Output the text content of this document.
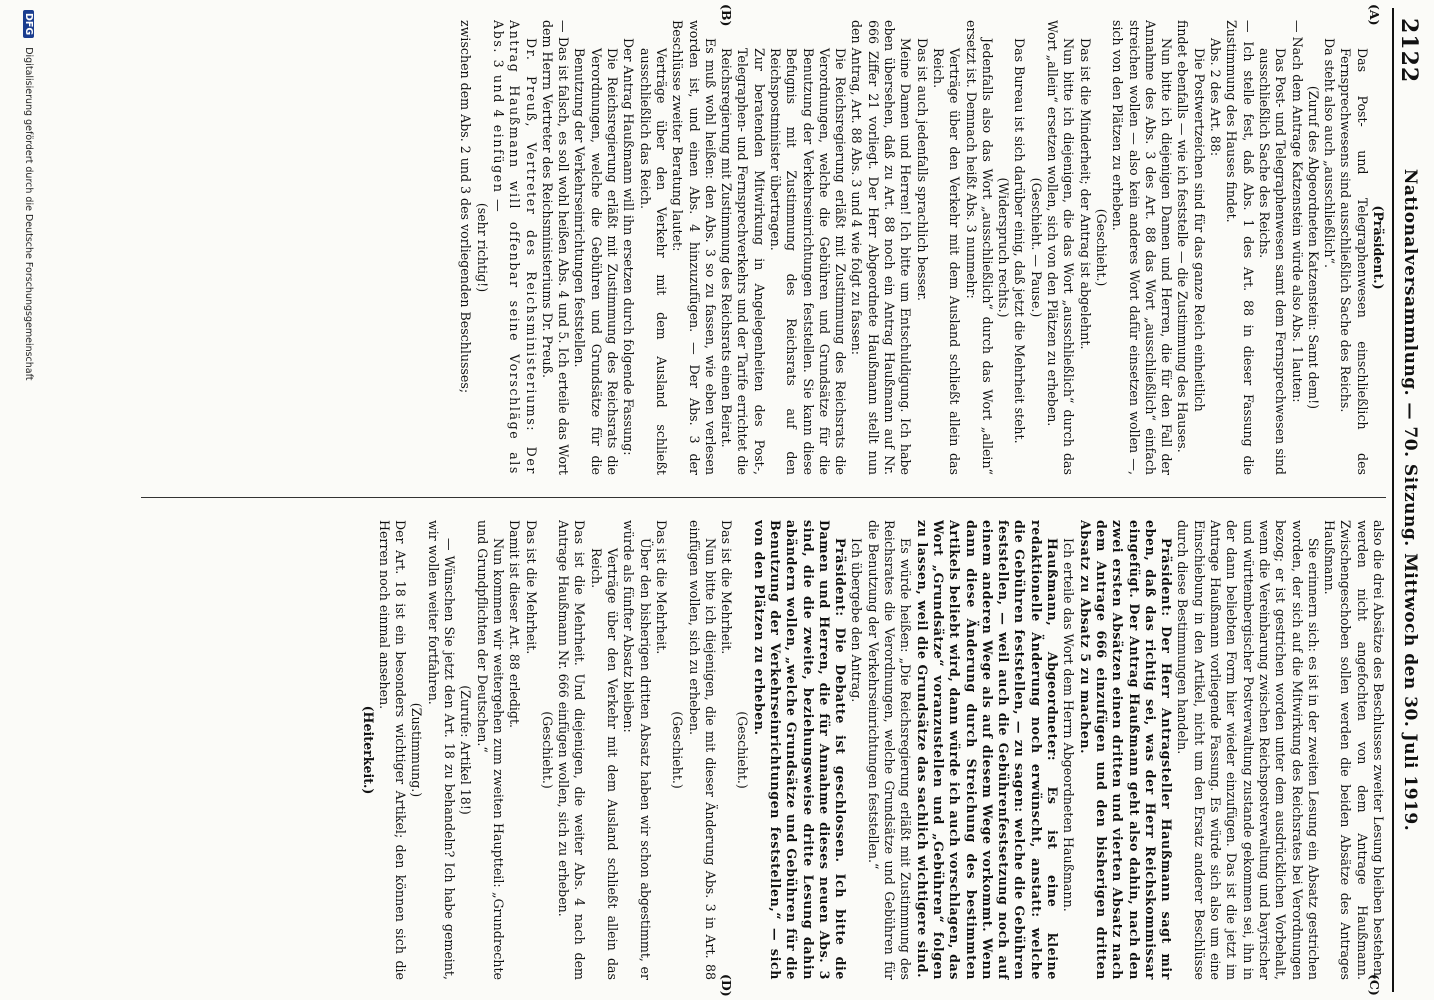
2122
Nationalversammlung. — 70. Sitzung. Mittwoch den 30. Juli 1919.
(A)
(B)
(C)
(D)

(Präsident.)

Das Post- und Telegraphenwesen einschließlich des Fernsprechwesens sind ausschließlich Sache des Reichs.

Da steht also auch „ausschließlich“.

(Zuruf des Abgeordneten Katzenstein: Samt dem!)

— Nach dem Antrage Katzenstein würde also Abs. 1 lauten:

Das Post- und Telegraphenwesen samt dem Fernsprechwesen sind ausschließlich Sache des Reichs.

— Ich stelle fest, daß Abs. 1 des Art. 88 in dieser Fassung die Zustimmung des Hauses findet.

Abs. 2 des Art. 88:

Die Postwertzeichen sind für das ganze Reich einheitlich

findet ebenfalls — wie ich feststelle — die Zustimmung des Hauses.

Nun bitte ich diejenigen Damen und Herren, die für den Fall der Annahme des Abs. 3 des Art. 88 das Wort „ausschließlich“ einfach streichen wollen — also kein anderes Wort dafür einsetzen wollen —, sich von den Plätzen zu erheben.

(Geschieht.)

Das ist die Minderheit; der Antrag ist abgelehnt.

Nun bitte ich diejenigen, die das Wort „ausschließlich“ durch das Wort „allein“ ersetzen wollen, sich von den Plätzen zu erheben.

(Geschieht. — Pause.)

Das Bureau ist sich darüber einig, daß jetzt die Mehrheit steht.

(Widerspruch rechts.)

Jedenfalls also das Wort „ausschließlich“ durch das Wort „allein“ ersetzt ist. Demnach heißt Abs. 3 nunmehr:

Verträge über den Verkehr mit dem Ausland schließt allein das Reich.

Das ist auch jedenfalls sprachlich besser.

Meine Damen und Herren! Ich bitte um Entschuldigung. Ich habe eben übersehen, daß zu Art. 88 noch ein Antrag Haußmann auf Nr. 666 Ziffer 21 vorliegt. Der Herr Abgeordnete Haußmann stellt nun den Antrag, Art. 88 Abs. 3 und 4 wie folgt zu fassen:

Die Reichsregierung erläßt mit Zustimmung des Reichsrats die Verordnungen, welche die Gebühren und Grundsätze für die Benutzung der Verkehrseinrichtungen feststellen. Sie kann diese Befugnis mit Zustimmung des Reichsrats auf den Reichspostminister übertragen.

Zur beratenden Mitwirkung in Angelegenheiten des Post-, Telegraphen- und Fernsprechverkehrs und der Tarife errichtet die Reichsregierung mit Zustimmung des Reichsrats einen Beirat.

Es muß wohl heißen: den Abs. 3 so zu fassen, wie eben verlesen worden ist, und einen Abs. 4 hinzuzufügen. — Der Abs. 3 der Beschlüsse zweiter Beratung lautet:

Verträge über den Verkehr mit dem Ausland schließt ausschließlich das Reich.

Der Antrag Haußmann will ihn ersetzen durch folgende Fassung:

Die Reichsregierung erläßt mit Zustimmung des Reichsrats die Verordnungen, welche die Gebühren und Grundsätze für die Benutzung der Verkehrseinrichtungen feststellen.

— Das ist falsch, es soll wohl heißen Abs. 4 und 5. Ich erteile das Wort dem Herrn Vertreter des Reichsministeriums Dr. Preuß.

Dr. Preuß, Vertreter des Reichsministeriums: Der Antrag Haußmann will offenbar seine Vorschläge als Abs. 3 und 4 einfügen —

(sehr richtig!)

zwischen dem Abs. 2 und 3 des vorliegenden Beschlusses;

also die drei Absätze des Beschlusses zweiter Lesung bleiben bestehen, werden nicht angefochten von dem Antrage Haußmann. Zwischengeschoben sollen werden die beiden Absätze des Antrages Haußmann.

Sie erinnern sich: es ist in der zweiten Lesung ein Absatz gestrichen worden, der sich auf die Mitwirkung des Reichsrates bei Verordnungen bezog; er ist gestrichen worden unter dem ausdrücklichen Vorbehalt, wenn die Vereinbarung zwischen Reichspostverwaltung und bayrischer und württembergischer Postverwaltung zustande gekommen sei, ihn in der dann beliebten Form hier wieder einzufügen. Das ist die jetzt im Antrage Haußmann vorliegende Fassung. Es würde sich also um eine Einschiebung in den Artikel, nicht um den Ersatz anderer Beschlüsse durch diese Bestimmungen handeln.

Präsident: Der Herr Antragsteller Haußmann sagt mir eben, daß das richtig sei, was der Herr Reichskommissar eingefügt. Der Antrag Haußmann geht also dahin, nach den zwei ersten Absätzen einen dritten und vierten Absatz nach dem Antrage 666 einzufügen und den bisherigen dritten Absatz zu Absatz 5 zu machen.

Ich erteile das Wort dem Herrn Abgeordneten Haußmann.

Haußmann, Abgeordneter: Es ist eine kleine redaktionelle Änderung noch erwünscht, anstatt: welche die Gebühren feststellen, — zu sagen: welche die Gebühren feststellen, — weil auch die Gebührenfestsetzung noch auf einem anderen Wege als auf diesem Wege vorkommt. Wenn dann diese Änderung durch Streichung des bestimmten Artikels beliebt wird, dann würde ich auch vorschlagen, das Wort „Grundsätze“ voranzustellen und „Gebühren“ folgen zu lassen, weil die Grundsätze das sachlich wichtigere sind.

Es würde heißen: „Die Reichsregierung erläßt mit Zustimmung des Reichsrates die Verordnungen, welche Grundsätze und Gebühren für die Benutzung der Verkehrseinrichtungen feststellen.“

Ich übergebe den Antrag.

Präsident: Die Debatte ist geschlossen. Ich bitte die Damen und Herren, die für Annahme dieses neuen Abs. 3 sind, die die zweite, beziehungsweise dritte Lesung dahin abändern wollen, „welche Grundsätze und Gebühren für die Benutzung der Verkehrseinrichtungen feststellen,“ — sich von den Plätzen zu erheben.

(Geschieht.)

Das ist die Mehrheit.

Nun bitte ich diejenigen, die mit dieser Änderung Abs. 3 in Art. 88 einfügen wollen, sich zu erheben.

(Geschieht.)

Das ist die Mehrheit.

Über den bisherigen dritten Absatz haben wir schon abgestimmt, er würde als fünfter Absatz bleiben:

Verträge über den Verkehr mit dem Ausland schließt allein das Reich.

Das ist die Mehrheit. Und diejenigen, die weiter Abs. 4 nach dem Antrage Haußmann Nr. 666 einfügen wollen, sich zu erheben.

(Geschieht.)

Das ist die Mehrheit.

Damit ist dieser Art. 88 erledigt.

Nun kommen wir weitergehen zum zweiten Hauptteil: „Grundrechte und Grundpflichten der Deutschen.“

(Zurufe: Artikel 18!)

— Wünschen Sie jetzt den Art. 18 zu behandeln? Ich habe gemeint, wir wollen weiter fortfahren.

(Zustimmung.)

Der Art. 18 ist ein besonders wichtiger Artikel; den können sich die Herren noch einmal ansehen.

(Heiterkeit.)

DFG Digitalisierung gefördert durch die Deutsche Forschungsgemeinschaft
